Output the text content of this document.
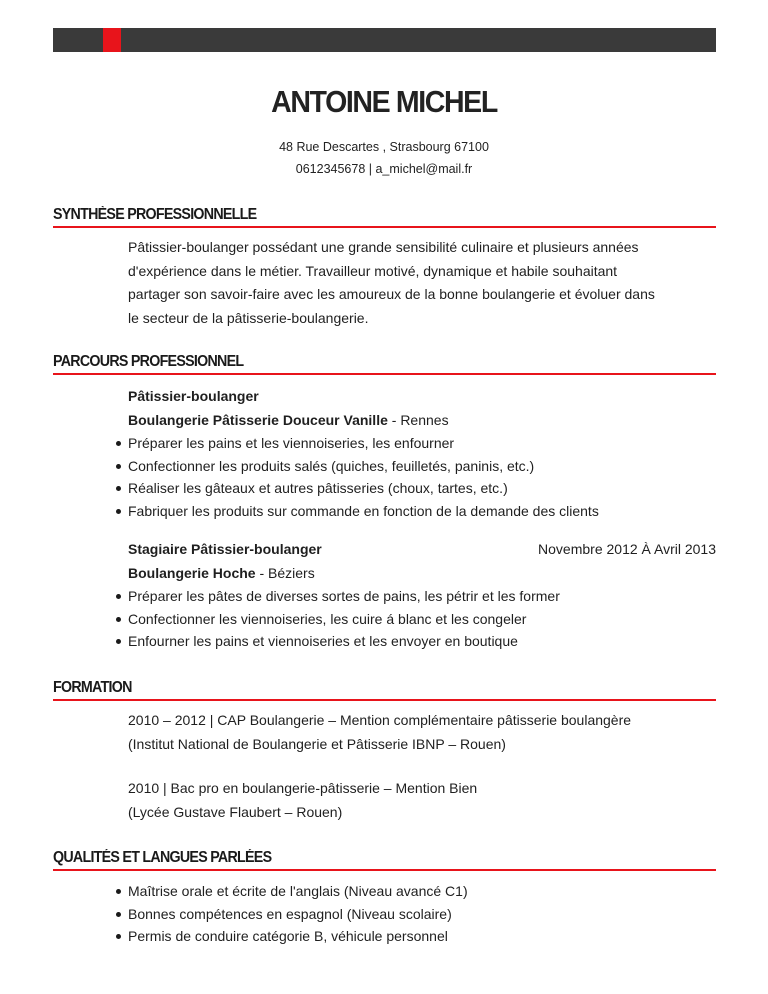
ANTOINE MICHEL
48 Rue Descartes , Strasbourg 67100
0612345678 | a_michel@mail.fr
SYNTHÈSE PROFESSIONNELLE
Pâtissier-boulanger possédant une grande sensibilité culinaire et plusieurs années
d'expérience dans le métier. Travailleur motivé, dynamique et habile souhaitant
partager son savoir-faire avec les amoureux de la bonne boulangerie et évoluer dans
le secteur de la pâtisserie-boulangerie.
PARCOURS PROFESSIONNEL
Pâtissier-boulanger
Boulangerie Pâtisserie Douceur Vanille - Rennes
Préparer les pains et les viennoiseries, les enfourner
Confectionner les produits salés (quiches, feuilletés, paninis, etc.)
Réaliser les gâteaux et autres pâtisseries (choux, tartes, etc.)
Fabriquer les produits sur commande en fonction de la demande des clients
Stagiaire Pâtissier-boulanger	Novembre 2012 À Avril 2013
Boulangerie Hoche - Béziers
Préparer les pâtes de diverses sortes de pains, les pétrir et les former
Confectionner les viennoiseries, les cuire á blanc et les congeler
Enfourner les pains et viennoiseries et les envoyer en boutique
FORMATION
2010 – 2012 | CAP Boulangerie – Mention complémentaire pâtisserie boulangère
(Institut National de Boulangerie et Pâtisserie IBNP – Rouen)
2010 | Bac pro en boulangerie-pâtisserie – Mention Bien
(Lycée Gustave Flaubert – Rouen)
QUALITÉS ET LANGUES PARLÉES
Maîtrise orale et écrite de l'anglais (Niveau avancé C1)
Bonnes compétences en espagnol (Niveau scolaire)
Permis de conduire catégorie B, véhicule personnel
